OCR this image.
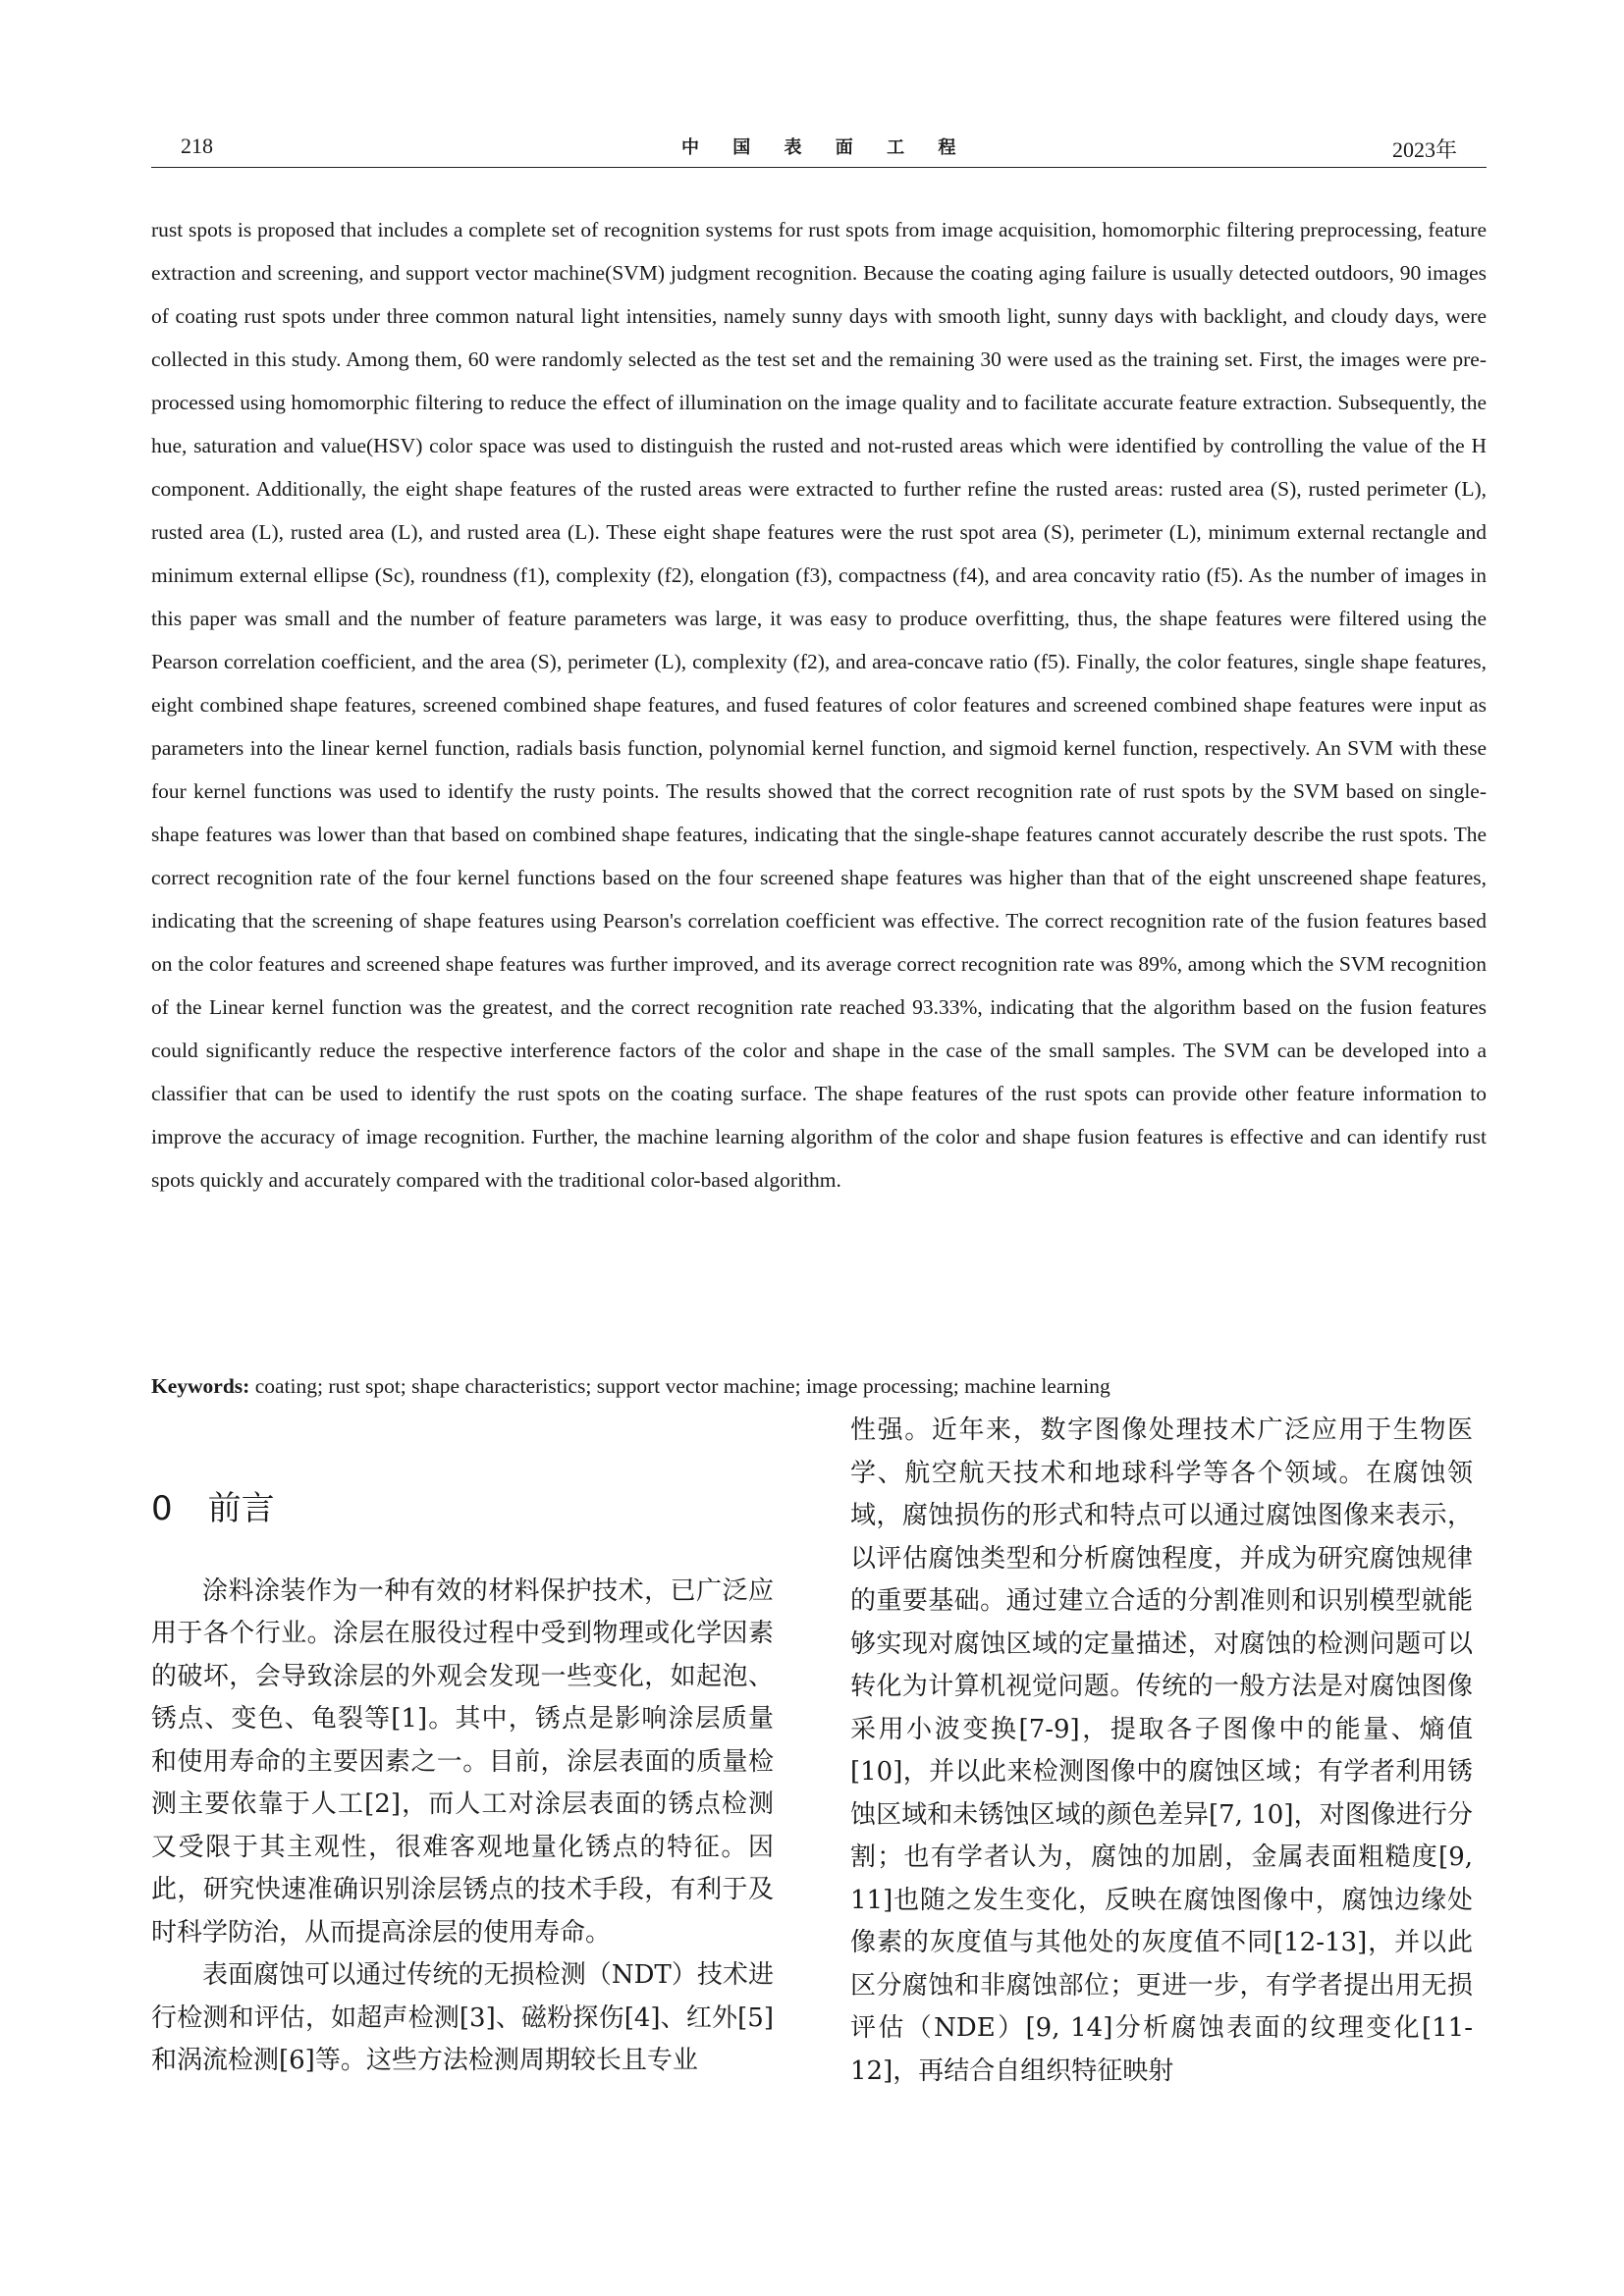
218	中 国 表 面 工 程	2023年
rust spots is proposed that includes a complete set of recognition systems for rust spots from image acquisition, homomorphic filtering preprocessing, feature extraction and screening, and support vector machine(SVM) judgment recognition. Because the coating aging failure is usually detected outdoors, 90 images of coating rust spots under three common natural light intensities, namely sunny days with smooth light, sunny days with backlight, and cloudy days, were collected in this study. Among them, 60 were randomly selected as the test set and the remaining 30 were used as the training set. First, the images were pre-processed using homomorphic filtering to reduce the effect of illumination on the image quality and to facilitate accurate feature extraction. Subsequently, the hue, saturation and value(HSV) color space was used to distinguish the rusted and not-rusted areas which were identified by controlling the value of the H component. Additionally, the eight shape features of the rusted areas were extracted to further refine the rusted areas: rusted area (S), rusted perimeter (L), rusted area (L), rusted area (L), and rusted area (L). These eight shape features were the rust spot area (S), perimeter (L), minimum external rectangle and minimum external ellipse (Sc), roundness (f1), complexity (f2), elongation (f3), compactness (f4), and area concavity ratio (f5). As the number of images in this paper was small and the number of feature parameters was large, it was easy to produce overfitting, thus, the shape features were filtered using the Pearson correlation coefficient, and the area (S), perimeter (L), complexity (f2), and area-concave ratio (f5). Finally, the color features, single shape features, eight combined shape features, screened combined shape features, and fused features of color features and screened combined shape features were input as parameters into the linear kernel function, radials basis function, polynomial kernel function, and sigmoid kernel function, respectively. An SVM with these four kernel functions was used to identify the rusty points. The results showed that the correct recognition rate of rust spots by the SVM based on single-shape features was lower than that based on combined shape features, indicating that the single-shape features cannot accurately describe the rust spots. The correct recognition rate of the four kernel functions based on the four screened shape features was higher than that of the eight unscreened shape features, indicating that the screening of shape features using Pearson's correlation coefficient was effective. The correct recognition rate of the fusion features based on the color features and screened shape features was further improved, and its average correct recognition rate was 89%, among which the SVM recognition of the Linear kernel function was the greatest, and the correct recognition rate reached 93.33%, indicating that the algorithm based on the fusion features could significantly reduce the respective interference factors of the color and shape in the case of the small samples. The SVM can be developed into a classifier that can be used to identify the rust spots on the coating surface. The shape features of the rust spots can provide other feature information to improve the accuracy of image recognition. Further, the machine learning algorithm of the color and shape fusion features is effective and can identify rust spots quickly and accurately compared with the traditional color-based algorithm.
Keywords: coating; rust spot; shape characteristics; support vector machine; image processing; machine learning

0 前言

涂料涂装作为一种有效的材料保护技术，已广泛应用于各个行业。涂层在服役过程中受到物理或化学因素的破坏，会导致涂层的外观会发现一些变化，如起泡、锈点、变色、龟裂等[1]。其中，锈点是影响涂层质量和使用寿命的主要因素之一。目前，涂层表面的质量检测主要依靠于人工[2]，而人工对涂层表面的锈点检测又受限于其主观性，很难客观地量化锈点的特征。因此，研究快速准确识别涂层锈点的技术手段，有利于及时科学防治，从而提高涂层的使用寿命。

表面腐蚀可以通过传统的无损检测（NDT）技术进行检测和评估，如超声检测[3]、磁粉探伤[4]、红外[5]和涡流检测[6]等。这些方法检测周期较长且专业

性强。近年来，数字图像处理技术广泛应用于生物医学、航空航天技术和地球科学等各个领域。在腐蚀领域，腐蚀损伤的形式和特点可以通过腐蚀图像来表示，以评估腐蚀类型和分析腐蚀程度，并成为研究腐蚀规律的重要基础。通过建立合适的分割准则和识别模型就能够实现对腐蚀区域的定量描述，对腐蚀的检测问题可以转化为计算机视觉问题。传统的一般方法是对腐蚀图像采用小波变换[7-9]，提取各子图像中的能量、熵值[10]，并以此来检测图像中的腐蚀区域；有学者利用锈蚀区域和未锈蚀区域的颜色差异[7, 10]，对图像进行分割；也有学者认为，腐蚀的加剧，金属表面粗糙度[9, 11]也随之发生变化，反映在腐蚀图像中，腐蚀边缘处像素的灰度值与其他处的灰度值不同[12-13]，并以此区分腐蚀和非腐蚀部位；更进一步，有学者提出用无损评估（NDE）[9, 14]分析腐蚀表面的纹理变化[11-12]，再结合自组织特征映射
